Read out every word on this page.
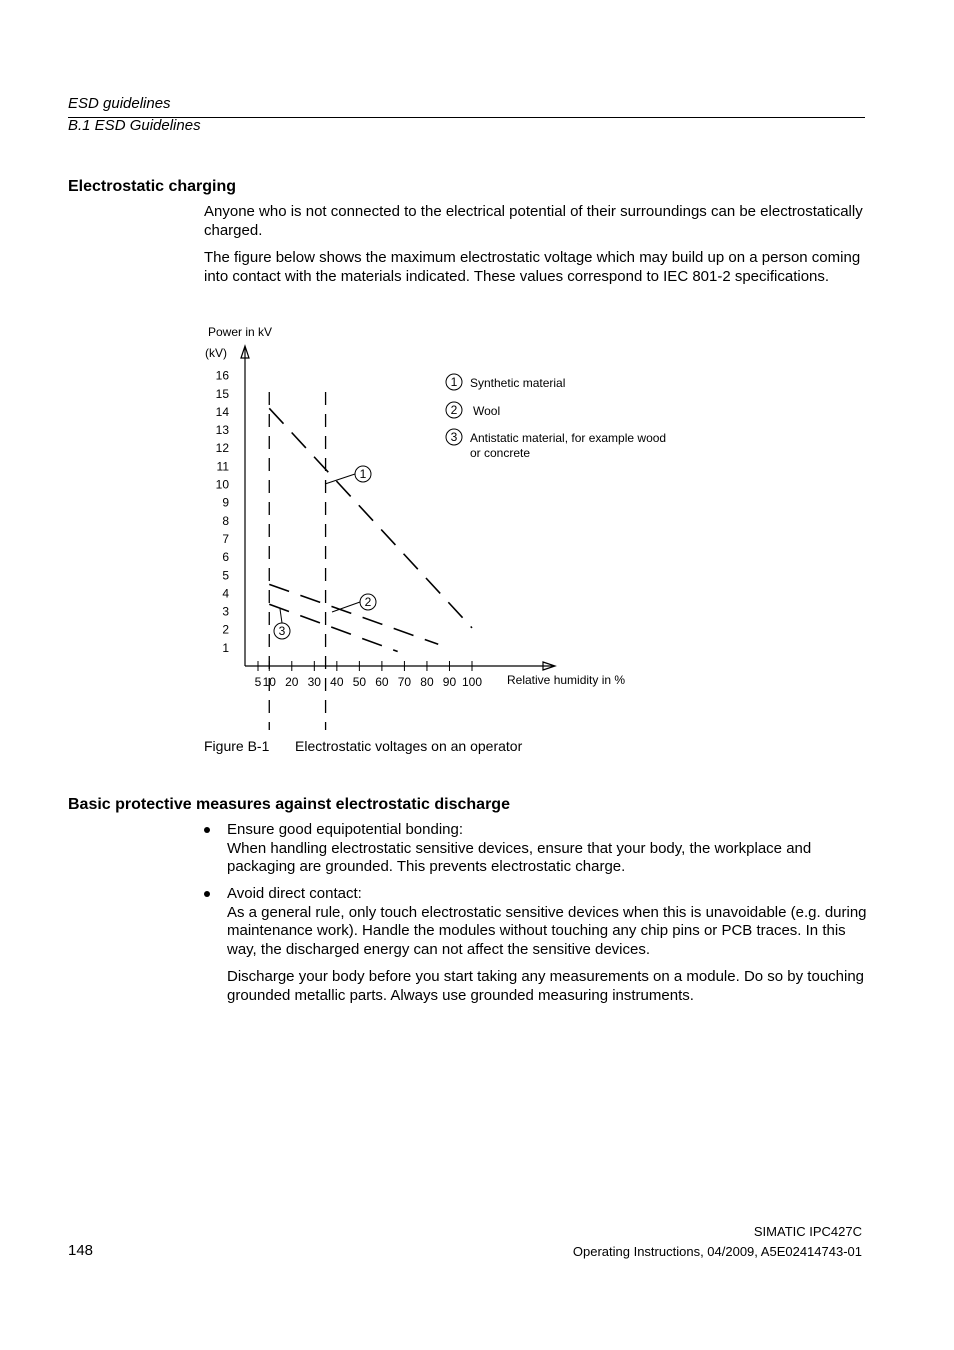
ESD guidelines
B.1 ESD Guidelines
Electrostatic charging

Anyone who is not connected to the electrical potential of their surroundings can be electrostatically charged.

The figure below shows the maximum electrostatic voltage which may build up on a person coming into contact with the materials indicated. These values correspond to IEC 801-2 specifications.

1
2
3
4
5
6
7
8
9
10
11
12
13
14
15
16
5 10 20 30 40 50 60 70 80 90 100
1
2
3
1 Synthetic material
2 Wool
3 Antistatic material, for example wood
or concrete
Power in kV
(kV)
Relative humidity in %
Figure B-1 Electrostatic voltages on an operator
Basic protective measures against electrostatic discharge

Ensure good equipotential bonding:

When handling electrostatic sensitive devices, ensure that your body, the workplace and packaging are grounded. This prevents electrostatic charge.

Avoid direct contact:

As a general rule, only touch electrostatic sensitive devices when this is unavoidable (e.g. during maintenance work). Handle the modules without touching any chip pins or PCB traces. In this way, the discharged energy can not affect the sensitive devices.

Discharge your body before you start taking any measurements on a module. Do so by touching grounded metallic parts. Always use grounded measuring instruments.

SIMATIC IPC427C
Operating Instructions, 04/2009, A5E02414743-01
148
